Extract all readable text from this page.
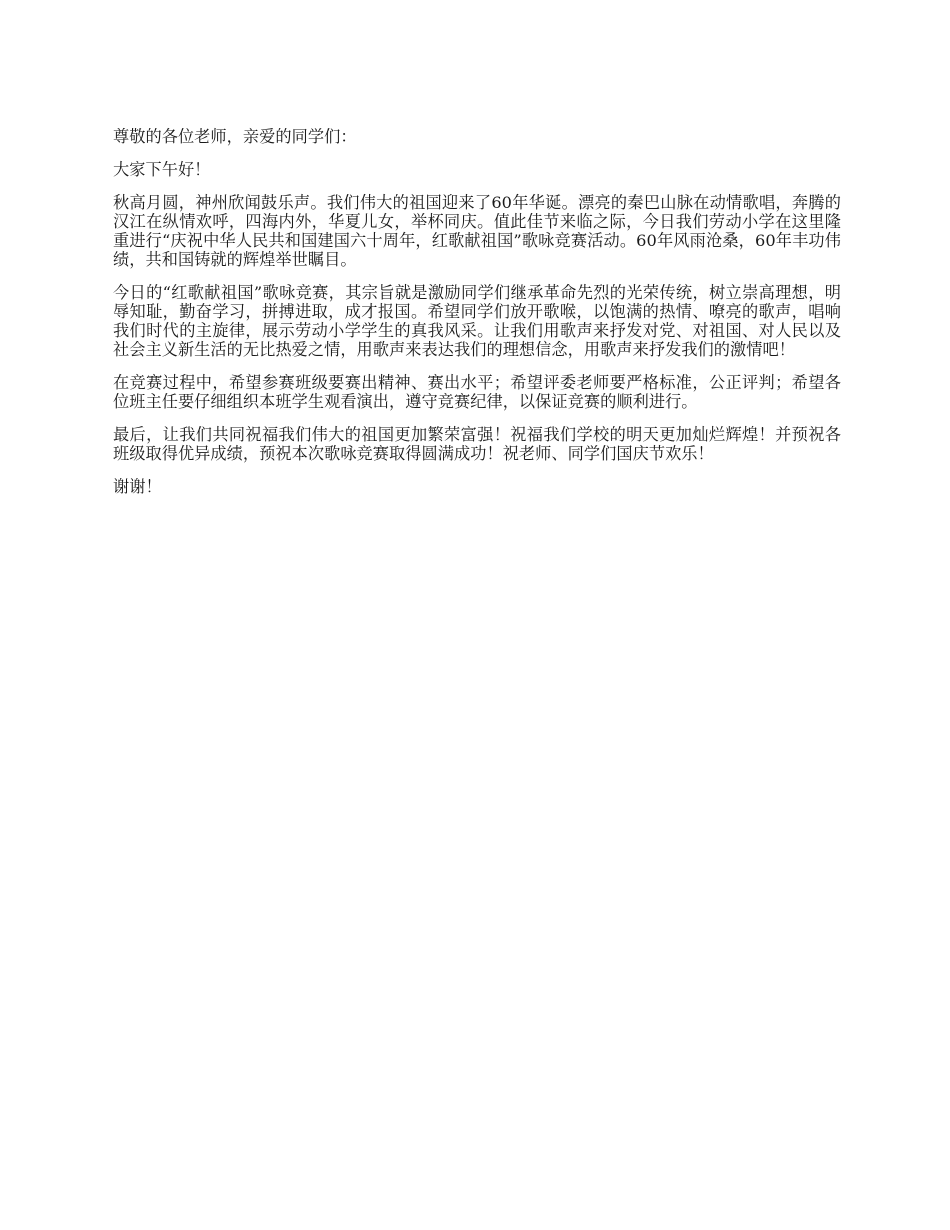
尊敬的各位老师，亲爱的同学们：

大家下午好！

秋高月圆，神州欣闻鼓乐声。我们伟大的祖国迎来了60年华诞。漂亮的秦巴山脉在动情歌唱，奔腾的汉江在纵情欢呼，四海内外，华夏儿女，举杯同庆。值此佳节来临之际，今日我们劳动小学在这里隆重进行“庆祝中华人民共和国建国六十周年，红歌献祖国”歌咏竞赛活动。60年风雨沧桑，60年丰功伟绩，共和国铸就的辉煌举世瞩目。

今日的“红歌献祖国”歌咏竞赛，其宗旨就是激励同学们继承革命先烈的光荣传统，树立崇高理想，明辱知耻，勤奋学习，拼搏进取，成才报国。希望同学们放开歌喉，以饱满的热情、嘹亮的歌声，唱响我们时代的主旋律，展示劳动小学学生的真我风采。让我们用歌声来抒发对党、对祖国、对人民以及社会主义新生活的无比热爱之情，用歌声来表达我们的理想信念，用歌声来抒发我们的激情吧！

在竞赛过程中，希望参赛班级要赛出精神、赛出水平；希望评委老师要严格标准，公正评判；希望各位班主任要仔细组织本班学生观看演出，遵守竞赛纪律，以保证竞赛的顺利进行。

最后，让我们共同祝福我们伟大的祖国更加繁荣富强！祝福我们学校的明天更加灿烂辉煌！并预祝各班级取得优异成绩，预祝本次歌咏竞赛取得圆满成功！祝老师、同学们国庆节欢乐！

谢谢！
